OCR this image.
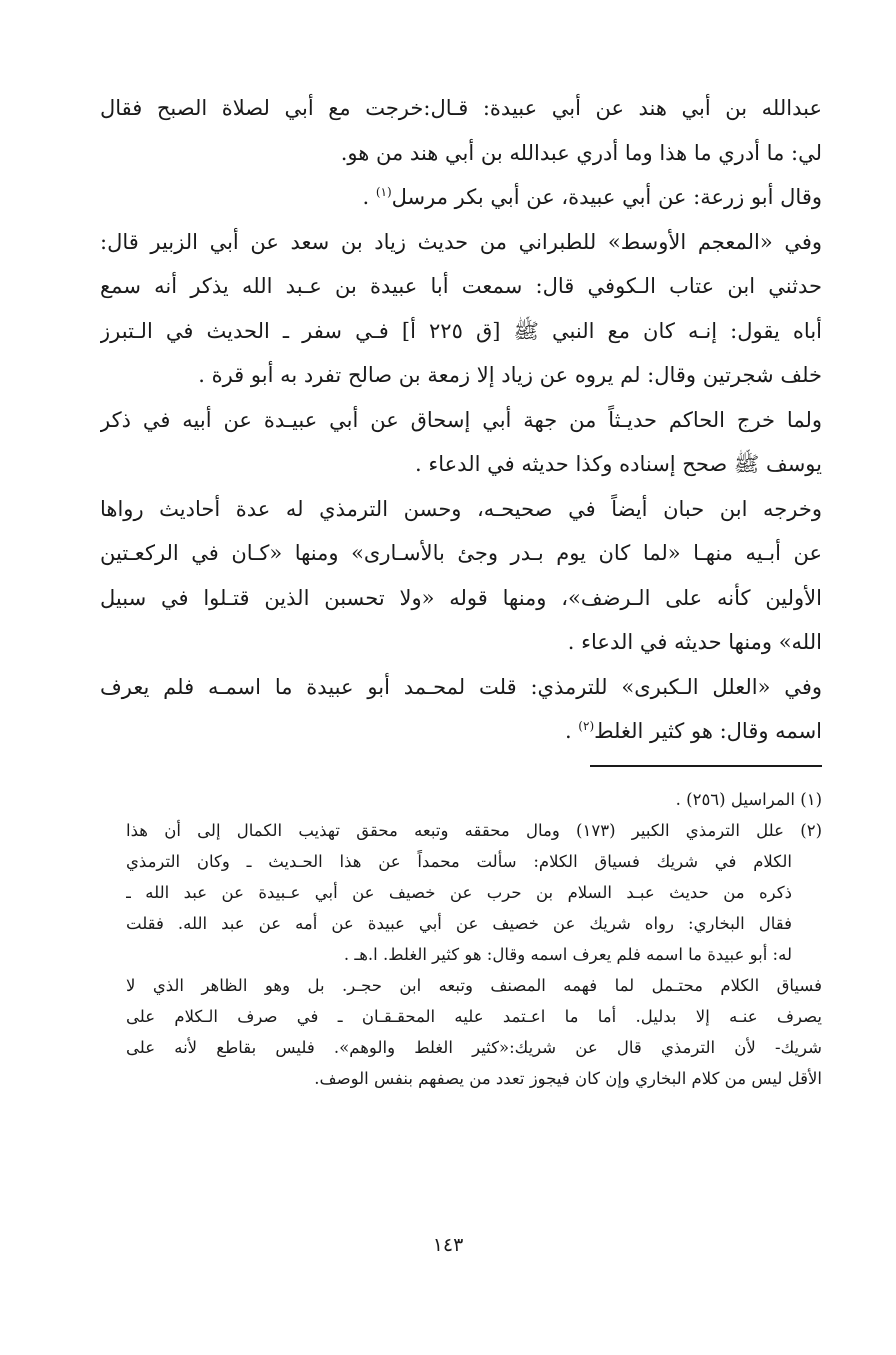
عبدالله بن أبي هند عن أبي عبيدة: قـال:خرجت مع أبي لصلاة الصبح فقال
لي: ما أدري ما هذا وما أدري عبدالله بن أبي هند من هو.
وقال أبو زرعة: عن أبي عبيدة، عن أبي بكر مرسل$^{(١)}$ .
وفي «المعجم الأوسط» للطبراني من حديث زياد بن سعد عن أبي الزبير قال:
حدثني ابن عتاب الـكوفي قال: سمعت أبا عبيدة بن عـبد الله يذكر أنه سمع
أباه يقول: إنـه كان مع النبي ﷺ [ق ٢٢٥ أ] فـي سفر ـ الحديث في الـتبرز
خلف شجرتين وقال: لم يروه عن زياد إلا زمعة بن صالح تفرد به أبو قرة .
ولما خرج الحاكم حديـثاً من جهة أبي إسحاق عن أبي عبيـدة عن أبيه في ذكر
يوسف ﷺ صحح إسناده وكذا حديثه في الدعاء .
وخرجه ابن حبان أيضاً في صحيحـه، وحسن الترمذي له عدة أحاديث رواها
عن أبـيه منهـا «لما كان يوم بـدر وجئ بالأسـارى» ومنها «كـان في الركعـتين
الأولين كأنه على الـرضف»، ومنها قوله «ولا تحسبن الذين قتـلوا في سبيل
الله» ومنها حديثه في الدعاء .
وفي «العلل الـكبرى» للترمذي: قلت لمحـمد أبو عبيدة ما اسمـه فلم يعرف
اسمه وقال: هو كثير الغلط$^{(٢)}$ .
(١) المراسيل (٢٥٦) .
(٢) علل الترمذي الكبير (١٧٣) ومال محققه وتبعه محقق تهذيب الكمال إلى أن هذا
الكلام في شريك فسياق الكلام: سألت محمداً عن هذا الحـديث ـ وكان الترمذي
ذكره من حديث عبـد السلام بن حرب عن خصيف عن أبي عـبيدة عن عبد الله ـ
فقال البخاري: رواه شريك عن خصيف عن أبي عبيدة عن أمه عن عبد الله. فقلت
له: أبو عبيدة ما اسمه فلم يعرف اسمه وقال: هو كثير الغلط. ا.هـ .
فسياق الكلام محتـمل لما فهمه المصنف وتبعه ابن حجـر. بل وهو الظاهر الذي لا
يصرف عنـه إلا بدليل. أما ما اعـتمد عليه المحقـقـان ـ في صرف الـكلام على
شريك- لأن الترمذي قال عن شريك:«كثير الغلط والوهم». فليس بقاطع لأنه على
الأقل ليس من كلام البخاري وإن كان فيجوز تعدد من يصفهم بنفس الوصف.
١٤٣
